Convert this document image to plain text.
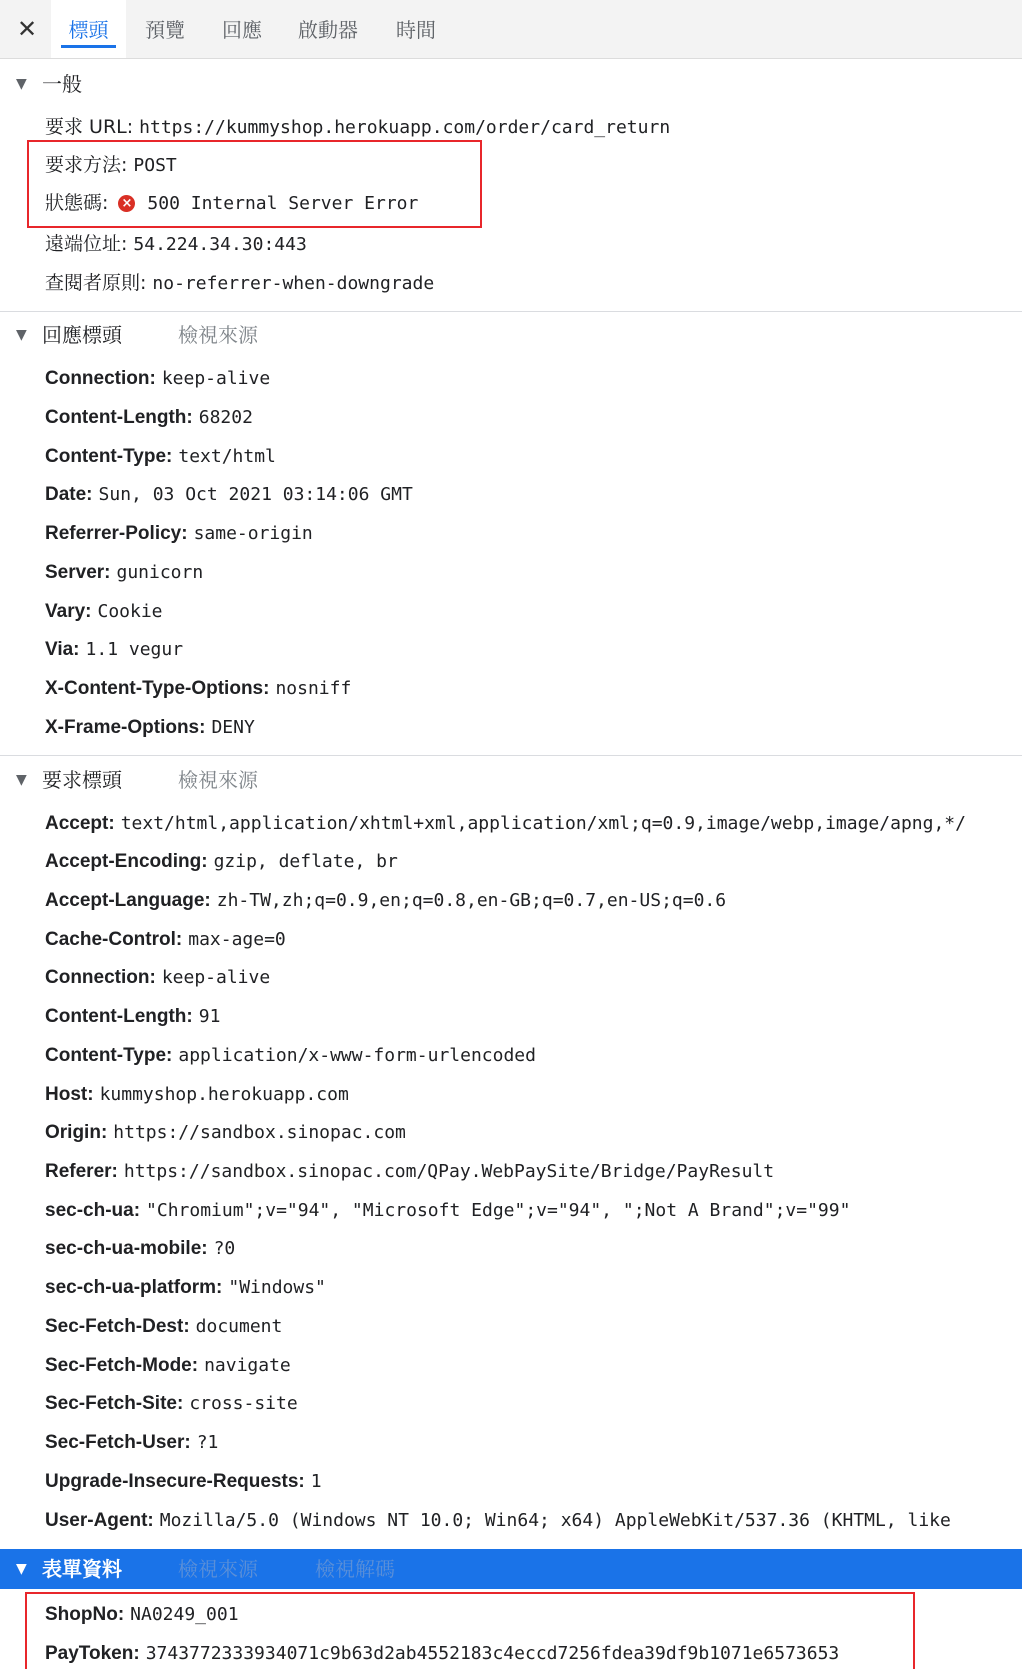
✕	標頭	預覽 回應 啟動器 時間
▼ 一般
要求 URL: https://kummyshop.herokuapp.com/order/card_return
要求方法: POST
狀態碼: × 500 Internal Server Error
遠端位址: 54.224.34.30:443
查閱者原則: no-referrer-when-downgrade
▼ 回應標頭	檢視來源
Connection: keep-alive
Content-Length: 68202
Content-Type: text/html
Date: Sun, 03 Oct 2021 03:14:06 GMT
Referrer-Policy: same-origin
Server: gunicorn
Vary: Cookie
Via: 1.1 vegur
X-Content-Type-Options: nosniff
X-Frame-Options: DENY
▼ 要求標頭	檢視來源
Accept: text/html,application/xhtml+xml,application/xml;q=0.9,image/webp,image/apng,*/
Accept-Encoding: gzip, deflate, br
Accept-Language: zh-TW,zh;q=0.9,en;q=0.8,en-GB;q=0.7,en-US;q=0.6
Cache-Control: max-age=0
Connection: keep-alive
Content-Length: 91
Content-Type: application/x-www-form-urlencoded
Host: kummyshop.herokuapp.com
Origin: https://sandbox.sinopac.com
Referer: https://sandbox.sinopac.com/QPay.WebPaySite/Bridge/PayResult
sec-ch-ua: "Chromium";v="94", "Microsoft Edge";v="94", ";Not A Brand";v="99"
sec-ch-ua-mobile: ?0
sec-ch-ua-platform: "Windows"
Sec-Fetch-Dest: document
Sec-Fetch-Mode: navigate
Sec-Fetch-Site: cross-site
Sec-Fetch-User: ?1
Upgrade-Insecure-Requests: 1
User-Agent: Mozilla/5.0 (Windows NT 10.0; Win64; x64) AppleWebKit/537.36 (KHTML, like
▼ 表單資料	檢視來源	檢視解碼
ShopNo: NA0249_001
PayToken: 3743772333934071c9b63d2ab4552183c4eccd7256fdea39df9b1071e6573653
